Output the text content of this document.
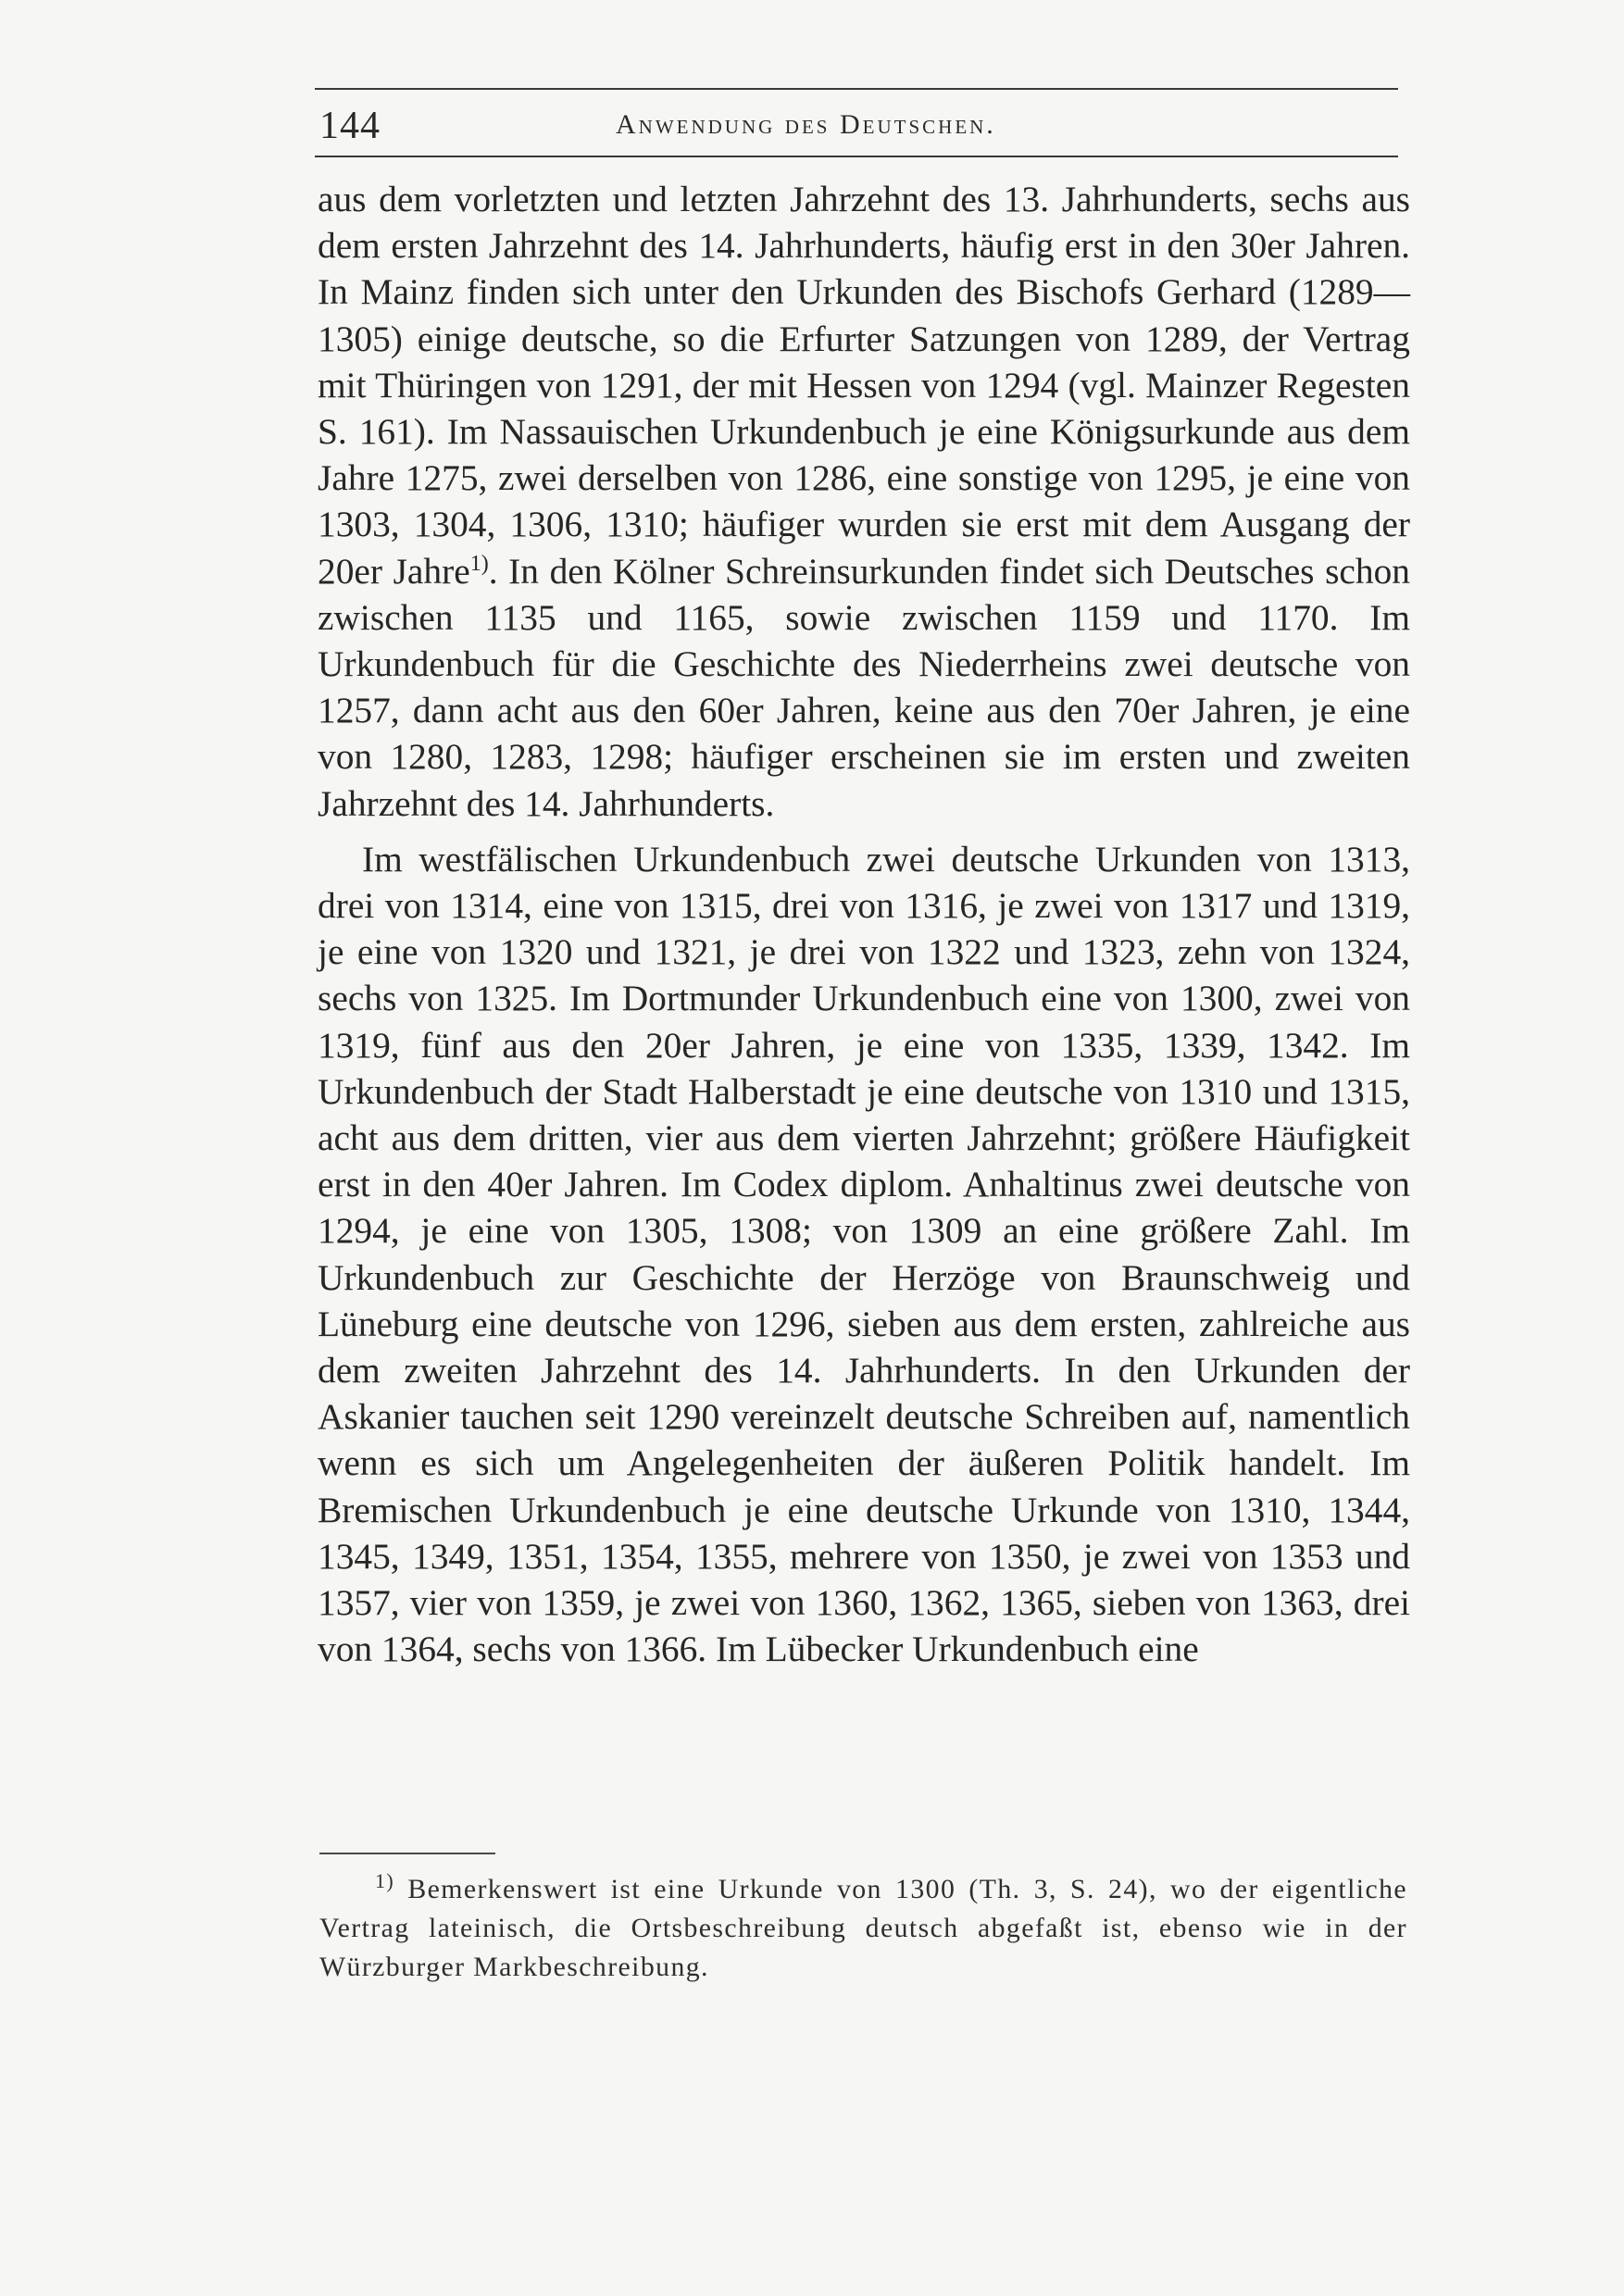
144	Anwendung des Deutschen.

aus dem vorletzten und letzten Jahrzehnt des 13. Jahrhunderts, sechs aus dem ersten Jahrzehnt des 14. Jahrhunderts, häufig erst in den 30er Jahren. In Mainz finden sich unter den Urkunden des Bischofs Gerhard (1289—1305) einige deutsche, so die Erfurter Satzungen von 1289, der Vertrag mit Thüringen von 1291, der mit Hessen von 1294 (vgl. Mainzer Regesten S. 161). Im Nassauischen Urkundenbuch je eine Königsurkunde aus dem Jahre 1275, zwei derselben von 1286, eine sonstige von 1295, je eine von 1303, 1304, 1306, 1310; häufiger wurden sie erst mit dem Ausgang der 20er Jahre$^{1)}$. In den Kölner Schreinsurkunden findet sich Deutsches schon zwischen 1135 und 1165, sowie zwischen 1159 und 1170. Im Urkundenbuch für die Geschichte des Niederrheins zwei deutsche von 1257, dann acht aus den 60er Jahren, keine aus den 70er Jahren, je eine von 1280, 1283, 1298; häufiger erscheinen sie im ersten und zweiten Jahrzehnt des 14. Jahrhunderts.

Im westfälischen Urkundenbuch zwei deutsche Urkunden von 1313, drei von 1314, eine von 1315, drei von 1316, je zwei von 1317 und 1319, je eine von 1320 und 1321, je drei von 1322 und 1323, zehn von 1324, sechs von 1325. Im Dortmunder Urkundenbuch eine von 1300, zwei von 1319, fünf aus den 20er Jahren, je eine von 1335, 1339, 1342. Im Urkundenbuch der Stadt Halberstadt je eine deutsche von 1310 und 1315, acht aus dem dritten, vier aus dem vierten Jahrzehnt; größere Häufigkeit erst in den 40er Jahren. Im Codex diplom. Anhaltinus zwei deutsche von 1294, je eine von 1305, 1308; von 1309 an eine größere Zahl. Im Urkundenbuch zur Geschichte der Herzöge von Braunschweig und Lüneburg eine deutsche von 1296, sieben aus dem ersten, zahlreiche aus dem zweiten Jahrzehnt des 14. Jahrhunderts. In den Urkunden der Askanier tauchen seit 1290 vereinzelt deutsche Schreiben auf, namentlich wenn es sich um Angelegenheiten der äußeren Politik handelt. Im Bremischen Urkundenbuch je eine deutsche Urkunde von 1310, 1344, 1345, 1349, 1351, 1354, 1355, mehrere von 1350, je zwei von 1353 und 1357, vier von 1359, je zwei von 1360, 1362, 1365, sieben von 1363, drei von 1364, sechs von 1366. Im Lübecker Urkundenbuch eine

$^{1)}$ Bemerkenswert ist eine Urkunde von 1300 (Th. 3, S. 24), wo der eigentliche Vertrag lateinisch, die Ortsbeschreibung deutsch abgefaßt ist, ebenso wie in der Würzburger Markbeschreibung.
